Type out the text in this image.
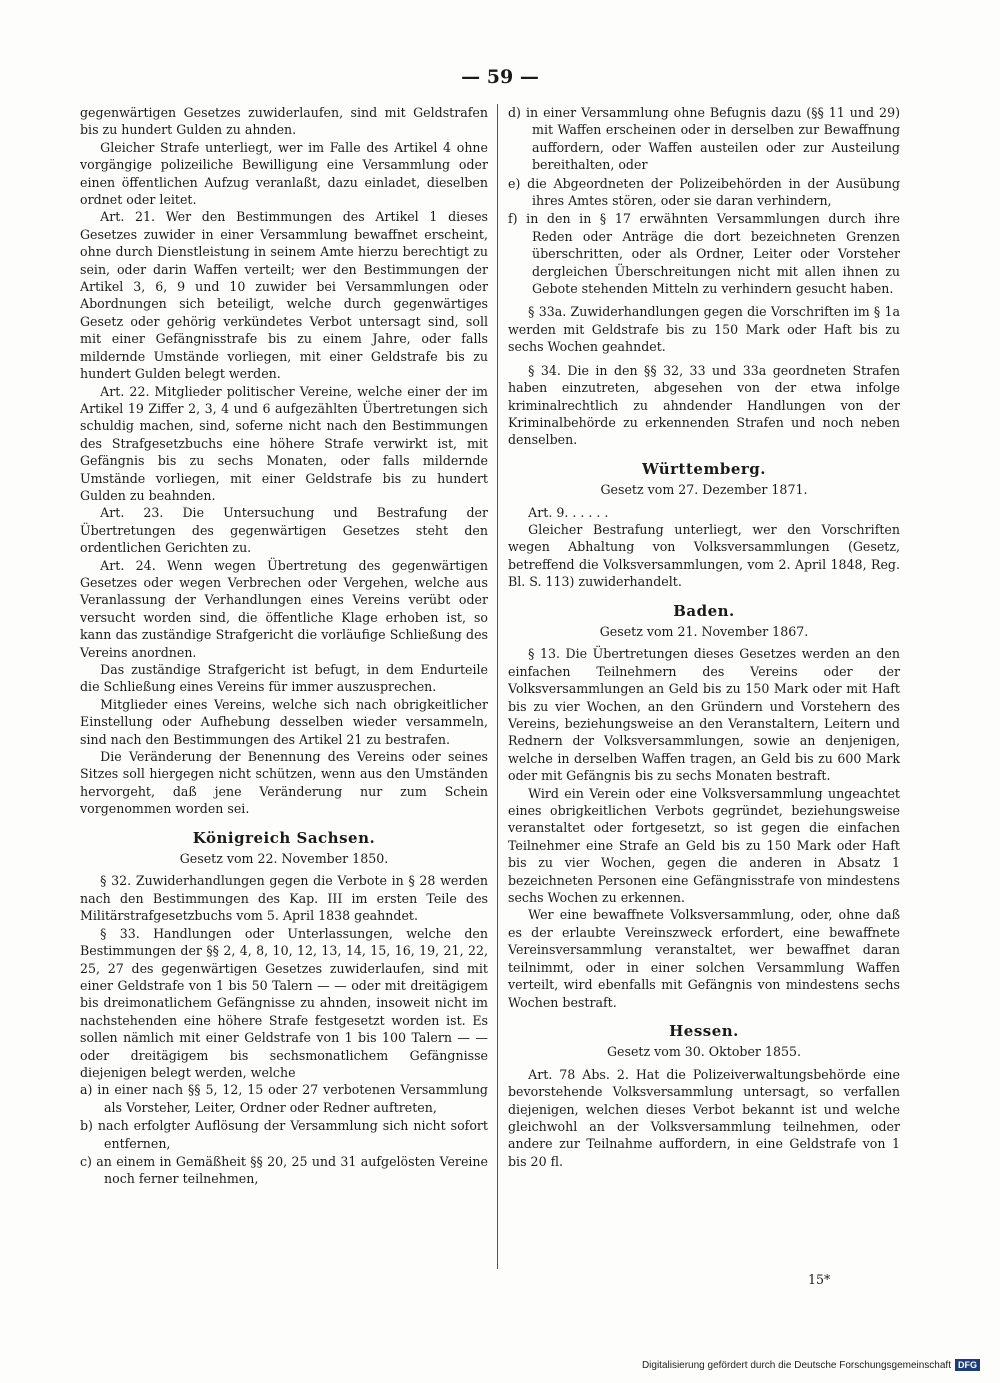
— 59 —

gegenwärtigen Gesetzes zuwiderlaufen, sind mit Geldstrafen bis zu hundert Gulden zu ahnden.

Gleicher Strafe unterliegt, wer im Falle des Artikel 4 ohne vorgängige polizeiliche Bewilligung eine Versammlung oder einen öffentlichen Aufzug veranlaßt, dazu einladet, dieselben ordnet oder leitet.

Art. 21. Wer den Bestimmungen des Artikel 1 dieses Gesetzes zuwider in einer Versammlung bewaffnet erscheint, ohne durch Dienstleistung in seinem Amte hierzu berechtigt zu sein, oder darin Waffen verteilt; wer den Bestimmungen der Artikel 3, 6, 9 und 10 zuwider bei Versammlungen oder Abordnungen sich beteiligt, welche durch gegenwärtiges Gesetz oder gehörig verkündetes Verbot untersagt sind, soll mit einer Gefängnisstrafe bis zu einem Jahre, oder falls mildernde Umstände vorliegen, mit einer Geldstrafe bis zu hundert Gulden belegt werden.

Art. 22. Mitglieder politischer Vereine, welche einer der im Artikel 19 Ziffer 2, 3, 4 und 6 aufgezählten Übertretungen sich schuldig machen, sind, soferne nicht nach den Bestimmungen des Strafgesetzbuchs eine höhere Strafe verwirkt ist, mit Gefängnis bis zu sechs Monaten, oder falls mildernde Umstände vorliegen, mit einer Geldstrafe bis zu hundert Gulden zu beahnden.

Art. 23. Die Untersuchung und Bestrafung der Übertretungen des gegenwärtigen Gesetzes steht den ordentlichen Gerichten zu.

Art. 24. Wenn wegen Übertretung des gegenwärtigen Gesetzes oder wegen Verbrechen oder Vergehen, welche aus Veranlassung der Verhandlungen eines Vereins verübt oder versucht worden sind, die öffentliche Klage erhoben ist, so kann das zuständige Strafgericht die vorläufige Schließung des Vereins anordnen.

Das zuständige Strafgericht ist befugt, in dem Endurteile die Schließung eines Vereins für immer auszusprechen.

Mitglieder eines Vereins, welche sich nach obrigkeitlicher Einstellung oder Aufhebung desselben wieder versammeln, sind nach den Bestimmungen des Artikel 21 zu bestrafen.

Die Veränderung der Benennung des Vereins oder seines Sitzes soll hiergegen nicht schützen, wenn aus den Umständen hervorgeht, daß jene Veränderung nur zum Schein vorgenommen worden sei.

Königreich Sachsen.
Gesetz vom 22. November 1850.

§ 32. Zuwiderhandlungen gegen die Verbote in § 28 werden nach den Bestimmungen des Kap. III im ersten Teile des Militärstrafgesetzbuchs vom 5. April 1838 geahndet.

§ 33. Handlungen oder Unterlassungen, welche den Bestimmungen der §§ 2, 4, 8, 10, 12, 13, 14, 15, 16, 19, 21, 22, 25, 27 des gegenwärtigen Gesetzes zuwiderlaufen, sind mit einer Geldstrafe von 1 bis 50 Talern — — oder mit dreitägigem bis dreimonatlichem Gefängnisse zu ahnden, insoweit nicht im nachstehenden eine höhere Strafe festgesetzt worden ist. Es sollen nämlich mit einer Geldstrafe von 1 bis 100 Talern — — oder dreitägigem bis sechsmonatlichem Gefängnisse diejenigen belegt werden, welche

a) in einer nach §§ 5, 12, 15 oder 27 verbotenen Versammlung als Vorsteher, Leiter, Ordner oder Redner auftreten,

b) nach erfolgter Auflösung der Versammlung sich nicht sofort entfernen,

c) an einem in Gemäßheit §§ 20, 25 und 31 aufgelösten Vereine noch ferner teilnehmen,

d) in einer Versammlung ohne Befugnis dazu (§§ 11 und 29) mit Waffen erscheinen oder in derselben zur Bewaffnung auffordern, oder Waffen austeilen oder zur Austeilung bereithalten, oder

e) die Abgeordneten der Polizeibehörden in der Ausübung ihres Amtes stören, oder sie daran verhindern,

f) in den in § 17 erwähnten Versammlungen durch ihre Reden oder Anträge die dort bezeichneten Grenzen überschritten, oder als Ordner, Leiter oder Vorsteher dergleichen Überschreitungen nicht mit allen ihnen zu Gebote stehenden Mitteln zu verhindern gesucht haben.

§ 33a. Zuwiderhandlungen gegen die Vorschriften im § 1a werden mit Geldstrafe bis zu 150 Mark oder Haft bis zu sechs Wochen geahndet.

§ 34. Die in den §§ 32, 33 und 33a geordneten Strafen haben einzutreten, abgesehen von der etwa infolge kriminalrechtlich zu ahndender Handlungen von der Kriminalbehörde zu erkennenden Strafen und noch neben denselben.

Württemberg.
Gesetz vom 27. Dezember 1871.

Art. 9. . . . . .

Gleicher Bestrafung unterliegt, wer den Vorschriften wegen Abhaltung von Volksversammlungen (Gesetz, betreffend die Volksversammlungen, vom 2. April 1848, Reg. Bl. S. 113) zuwiderhandelt.

Baden.
Gesetz vom 21. November 1867.

§ 13. Die Übertretungen dieses Gesetzes werden an den einfachen Teilnehmern des Vereins oder der Volksversammlungen an Geld bis zu 150 Mark oder mit Haft bis zu vier Wochen, an den Gründern und Vorstehern des Vereins, beziehungsweise an den Veranstaltern, Leitern und Rednern der Volksversammlungen, sowie an denjenigen, welche in derselben Waffen tragen, an Geld bis zu 600 Mark oder mit Gefängnis bis zu sechs Monaten bestraft.

Wird ein Verein oder eine Volksversammlung ungeachtet eines obrigkeitlichen Verbots gegründet, beziehungsweise veranstaltet oder fortgesetzt, so ist gegen die einfachen Teilnehmer eine Strafe an Geld bis zu 150 Mark oder Haft bis zu vier Wochen, gegen die anderen in Absatz 1 bezeichneten Personen eine Gefängnisstrafe von mindestens sechs Wochen zu erkennen.

Wer eine bewaffnete Volksversammlung, oder, ohne daß es der erlaubte Vereinszweck erfordert, eine bewaffnete Vereinsversammlung veranstaltet, wer bewaffnet daran teilnimmt, oder in einer solchen Versammlung Waffen verteilt, wird ebenfalls mit Gefängnis von mindestens sechs Wochen bestraft.

Hessen.
Gesetz vom 30. Oktober 1855.

Art. 78 Abs. 2. Hat die Polizeiverwaltungsbehörde eine bevorstehende Volksversammlung untersagt, so verfallen diejenigen, welchen dieses Verbot bekannt ist und welche gleichwohl an der Volksversammlung teilnehmen, oder andere zur Teilnahme auffordern, in eine Geldstrafe von 1 bis 20 fl.

15*
Digitalisierung gefördert durch die Deutsche Forschungsgemeinschaft DFG
